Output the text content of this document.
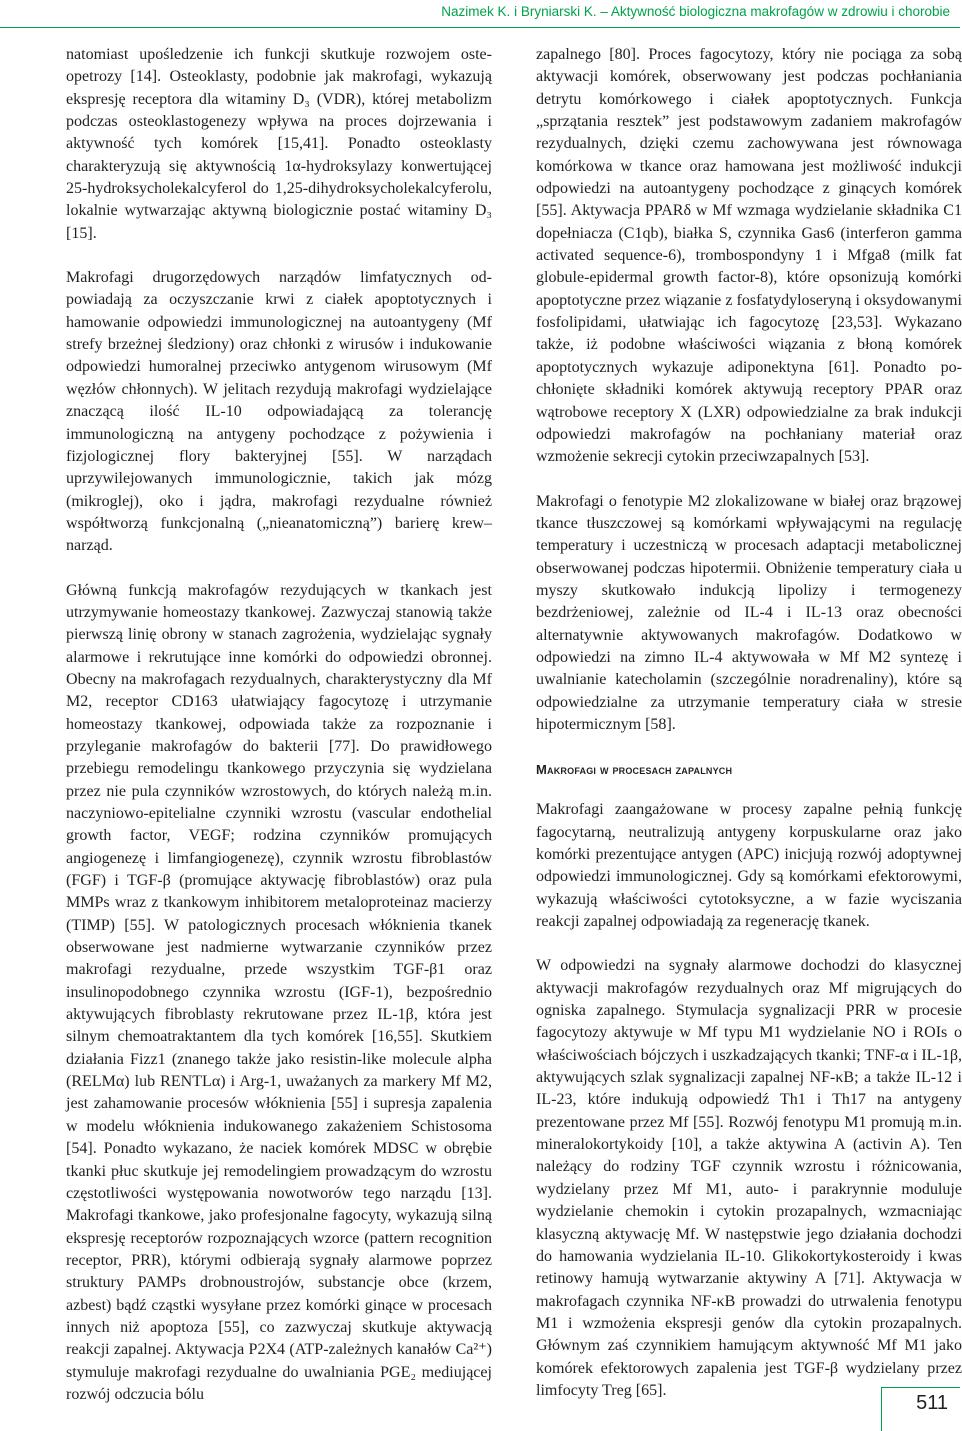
Nazimek K. i Bryniarski K. – Aktywność biologiczna makrofagów w zdrowiu i chorobie

natomiast upośledzenie ich funkcji skutkuje rozwojem osteopetrozy [14]. Osteoklasty, podobnie jak makrofagi, wykazują ekspresję receptora dla witaminy D₃ (VDR), której metabolizm podczas osteoklastogenezy wpływa na proces dojrzewania i aktywność tych komórek [15,41]. Ponadto osteoklasty charakteryzują się aktywnością 1α-hydroksylazy konwertującej 25-hydroksycholekalcyferol do 1,25-dihydroksycholekalcyferolu, lokalnie wytwarzając aktywną biologicznie postać witaminy D₃ [15].

Makrofagi drugorzędowych narządów limfatycznych odpowiadają za oczyszczanie krwi z ciałek apoptotycznych i hamowanie odpowiedzi immunologicznej na autoantygeny (Mf strefy brzeżnej śledziony) oraz chłonki z wirusów i indukowanie odpowiedzi humoralnej przeciwko antygenom wirusowym (Mf węzłów chłonnych). W jelitach rezydują makrofagi wydzielające znaczącą ilość IL-10 odpowiadającą za tolerancję immunologiczną na antygeny pochodzące z pożywienia i fizjologicznej flory bakteryjnej [55]. W narządach uprzywilejowanych immunologicznie, takich jak mózg (mikroglej), oko i jądra, makrofagi rezydualne również współtworzą funkcjonalną („nieanatomiczną”) barierę krew–narząd.

Główną funkcją makrofagów rezydujących w tkankach jest utrzymywanie homeostazy tkankowej. Zazwyczaj stanowią także pierwszą linię obrony w stanach zagrożenia, wydzielając sygnały alarmowe i rekrutujące inne komórki do odpowiedzi obronnej. Obecny na makrofagach rezydualnych, charakterystyczny dla Mf M2, receptor CD163 ułatwiający fagocytozę i utrzymanie homeostazy tkankowej, odpowiada także za rozpoznanie i przyleganie makrofagów do bakterii [77]. Do prawidłowego przebiegu remodelingu tkankowego przyczynia się wydzielana przez nie pula czynników wzrostowych, do których należą m.in. naczyniowo-epitelialne czynniki wzrostu (vascular endothelial growth factor, VEGF; rodzina czynników promujących angiogenezę i limfangiogenezę), czynnik wzrostu fibroblastów (FGF) i TGF-β (promujące aktywację fibroblastów) oraz pula MMPs wraz z tkankowym inhibitorem metaloproteinaz macierzy (TIMP) [55]. W patologicznych procesach włóknienia tkanek obserwowane jest nadmierne wytwarzanie czynników przez makrofagi rezydualne, przede wszystkim TGF-β1 oraz insulinopodobnego czynnika wzrostu (IGF-1), bezpośrednio aktywujących fibroblasty rekrutowane przez IL-1β, która jest silnym chemoatraktantem dla tych komórek [16,55]. Skutkiem działania Fizz1 (znanego także jako resistin-like molecule alpha (RELMα) lub RENTLα) i Arg-1, uważanych za markery Mf M2, jest zahamowanie procesów włóknienia [55] i supresja zapalenia w modelu włóknienia indukowanego zakażeniem Schistosoma [54]. Ponadto wykazano, że naciek komórek MDSC w obrębie tkanki płuc skutkuje jej remodelingiem prowadzącym do wzrostu częstotliwości występowania nowotworów tego narządu [13]. Makrofagi tkankowe, jako profesjonalne fagocyty, wykazują silną ekspresję receptorów rozpoznających wzorce (pattern recognition receptor, PRR), którymi odbierają sygnały alarmowe poprzez struktury PAMPs drobnoustrojów, substancje obce (krzem, azbest) bądź cząstki wysyłane przez komórki ginące w procesach innych niż apoptoza [55], co zazwyczaj skutkuje aktywacją reakcji zapalnej. Aktywacja P2X4 (ATP-zależnych kanałów Ca²⁺) stymuluje makrofagi rezydualne do uwalniania PGE₂ mediującej rozwój odczucia bólu

zapalnego [80]. Proces fagocytozy, który nie pociąga za sobą aktywacji komórek, obserwowany jest podczas pochłaniania detrytu komórkowego i ciałek apoptotycznych. Funkcja „sprzątania resztek” jest podstawowym zadaniem makrofagów rezydualnych, dzięki czemu zachowywana jest równowaga komórkowa w tkance oraz hamowana jest możliwość indukcji odpowiedzi na autoantygeny pochodzące z ginących komórek [55]. Aktywacja PPARδ w Mf wzmaga wydzielanie składnika C1 dopełniacza (C1qb), białka S, czynnika Gas6 (interferon gamma activated sequence-6), trombospondyny 1 i Mfga8 (milk fat globule-epidermal growth factor-8), które opsonizują komórki apoptotyczne przez wiązanie z fosfatydyloseryną i oksydowanymi fosfolipidami, ułatwiając ich fagocytozę [23,53]. Wykazano także, iż podobne właściwości wiązania z błoną komórek apoptotycznych wykazuje adiponektyna [61]. Ponadto pochłonięte składniki komórek aktywują receptory PPAR oraz wątrobowe receptory X (LXR) odpowiedzialne za brak indukcji odpowiedzi makrofagów na pochłaniany materiał oraz wzmożenie sekrecji cytokin przeciwzapalnych [53].

Makrofagi o fenotypie M2 zlokalizowane w białej oraz brązowej tkance tłuszczowej są komórkami wpływającymi na regulację temperatury i uczestniczą w procesach adaptacji metabolicznej obserwowanej podczas hipotermii. Obniżenie temperatury ciała u myszy skutkowało indukcją lipolizy i termogenezy bezdrżeniowej, zależnie od IL-4 i IL-13 oraz obecności alternatywnie aktywowanych makrofagów. Dodatkowo w odpowiedzi na zimno IL-4 aktywowała w Mf M2 syntezę i uwalnianie katecholamin (szczególnie noradrenaliny), które są odpowiedzialne za utrzymanie temperatury ciała w stresie hipotermicznym [58].

Makrofagi w procesach zapalnych

Makrofagi zaangażowane w procesy zapalne pełnią funkcję fagocytarną, neutralizują antygeny korpuskularne oraz jako komórki prezentujące antygen (APC) inicjują rozwój adoptywnej odpowiedzi immunologicznej. Gdy są komórkami efektorowymi, wykazują właściwości cytotoksyczne, a w fazie wyciszania reakcji zapalnej odpowiadają za regenerację tkanek.

W odpowiedzi na sygnały alarmowe dochodzi do klasycznej aktywacji makrofagów rezydualnych oraz Mf migrujących do ogniska zapalnego. Stymulacja sygnalizacji PRR w procesie fagocytozy aktywuje w Mf typu M1 wydzielanie NO i ROIs o właściwościach bójczych i uszkadzających tkanki; TNF-α i IL-1β, aktywujących szlak sygnalizacji zapalnej NF-κB; a także IL-12 i IL-23, które indukują odpowiedź Th1 i Th17 na antygeny prezentowane przez Mf [55]. Rozwój fenotypu M1 promują m.in. mineralokortykoidy [10], a także aktywina A (activin A). Ten należący do rodziny TGF czynnik wzrostu i różnicowania, wydzielany przez Mf M1, auto- i parakrynnie moduluje wydzielanie chemokin i cytokin prozapalnych, wzmacniając klasyczną aktywację Mf. W następstwie jego działania dochodzi do hamowania wydzielania IL-10. Glikokortykosteroidy i kwas retinowy hamują wytwarzanie aktywiny A [71]. Aktywacja w makrofagach czynnika NF-κB prowadzi do utrwalenia fenotypu M1 i wzmożenia ekspresji genów dla cytokin prozapalnych. Głównym zaś czynnikiem hamującym aktywność Mf M1 jako komórek efektorowych zapalenia jest TGF-β wydzielany przez limfocyty Treg [65].

511
